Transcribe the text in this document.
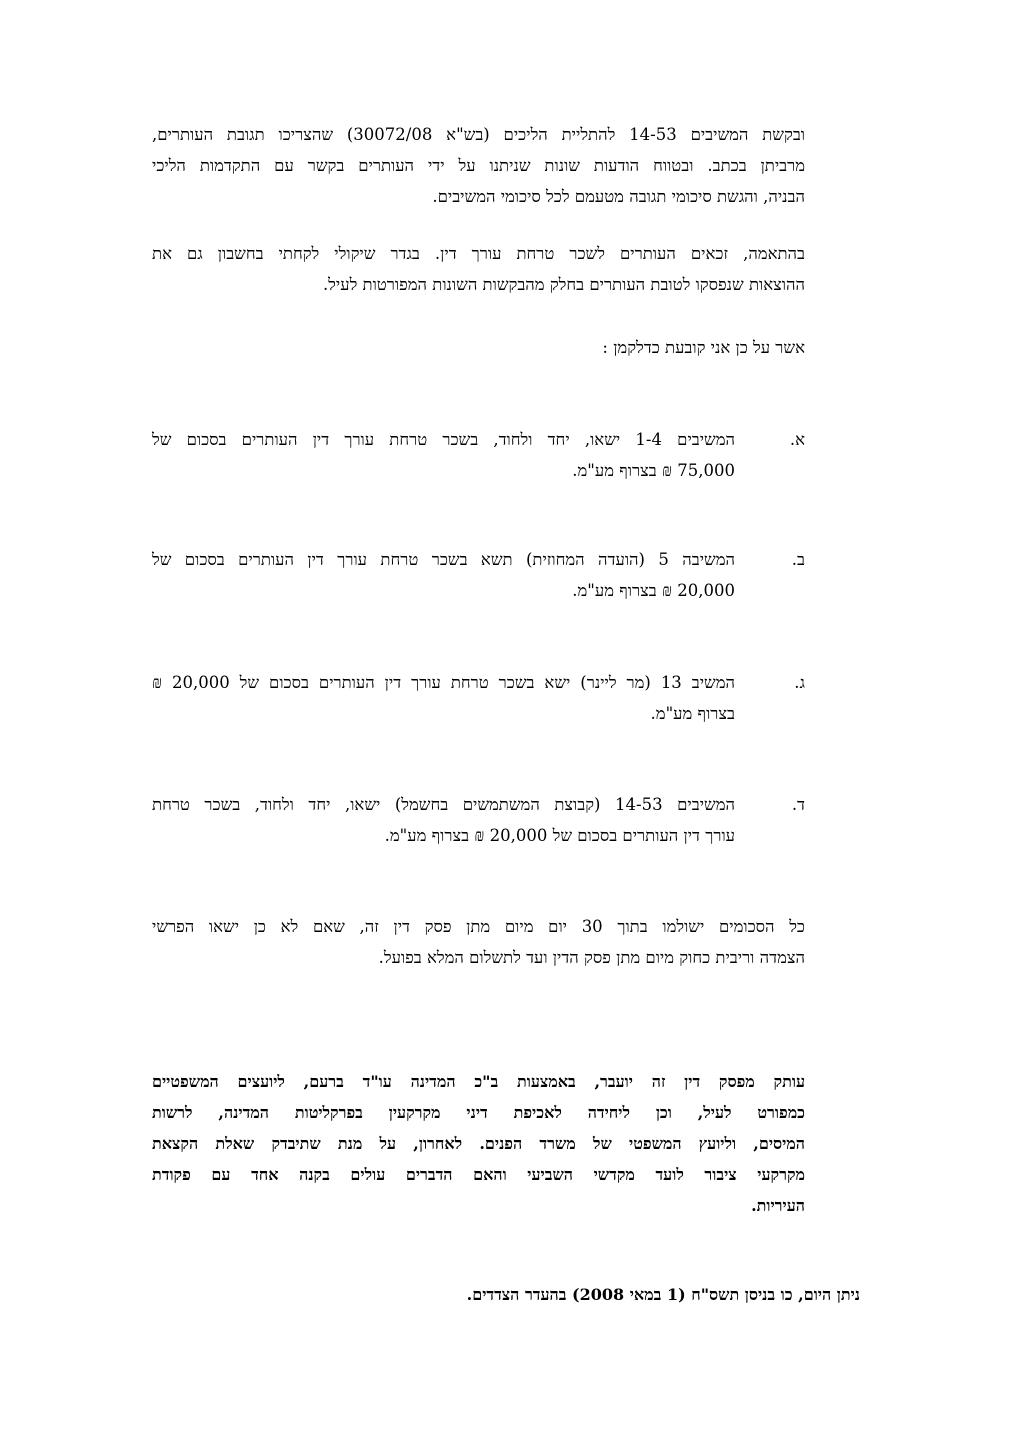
ובקשת המשיבים 14-53 להתליית הליכים (בש"א 30072/08) שהצריכו תגובת העותרים,
מרביתן בכתב. ובטווח הודעות שונות שניתנו על ידי העותרים בקשר עם התקדמות הליכי
הבניה, והגשת סיכומי תגובה מטעמם לכל סיכומי המשיבים.
בהתאמה, זכאים העותרים לשכר טרחת עורך דין. בגדר שיקולי לקחתי בחשבון גם את
ההוצאות שנפסקו לטובת העותרים בחלק מהבקשות השונות המפורטות לעיל.
אשר על כן אני קובעת כדלקמן :
א.
המשיבים 1-4 ישאו, יחד ולחוד, בשכר טרחת עורך דין העותרים בסכום של
75,000 ₪ בצרוף מע"מ.
ב.
המשיבה 5 (הועדה המחוזית) תשא בשכר טרחת עורך דין העותרים בסכום של
20,000 ₪ בצרוף מע"מ.
ג.
המשיב 13 (מר ליינר) ישא בשכר טרחת עורך דין העותרים בסכום של 20,000 ₪
בצרוף מע"מ.
ד.
המשיבים 14-53 (קבוצת המשתמשים בחשמל) ישאו, יחד ולחוד, בשכר טרחת
עורך דין העותרים בסכום של 20,000 ₪ בצרוף מע"מ.
כל הסכומים ישולמו בתוך 30 יום מיום מתן פסק דין זה, שאם לא כן ישאו הפרשי
הצמדה וריבית כחוק מיום מתן פסק הדין ועד לתשלום המלא בפועל.
עותק מפסק דין זה יועבר, באמצעות ב"כ המדינה עו"ד ברעם, ליועצים המשפטיים
כמפורט לעיל, וכן ליחידה לאכיפת דיני מקרקעין בפרקליטות המדינה, לרשות
המיסים, וליועץ המשפטי של משרד הפנים. לאחרון, על מנת שתיבדק שאלת הקצאת
מקרקעי ציבור לועד מקדשי השביעי והאם הדברים עולים בקנה אחד עם פקודת
העיריות.
ניתן היום, כו בניסן תשס"ח (1 במאי 2008) בהעדר הצדדים.
